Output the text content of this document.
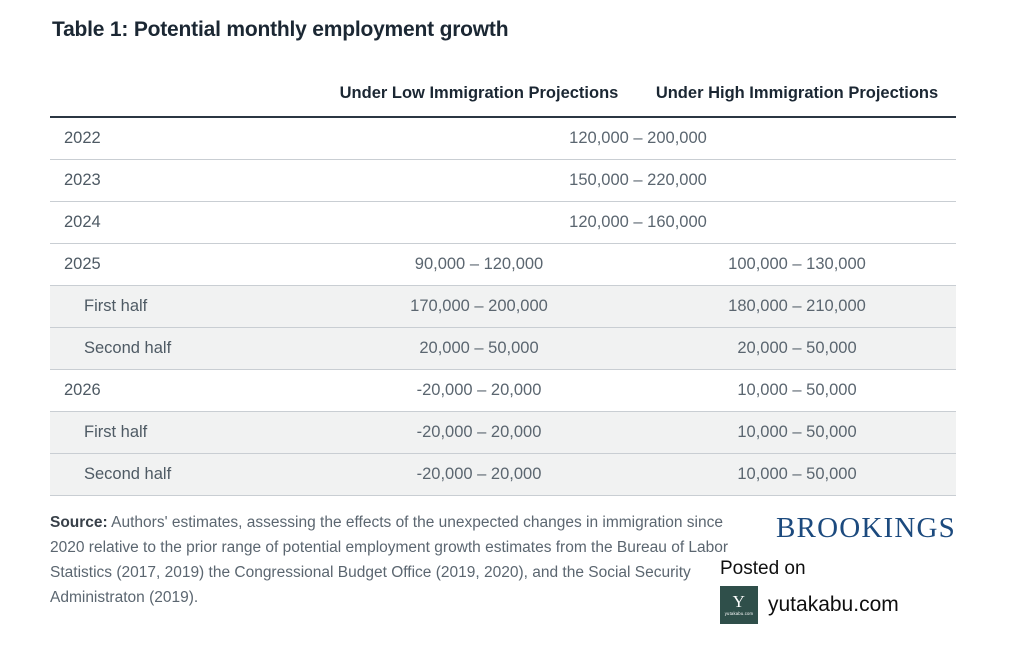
Table 1: Potential monthly employment growth
	Under Low Immigration Projections	Under High Immigration Projections
2022	120,000 – 200,000	
2023	150,000 – 220,000	
2024	120,000 – 160,000	
2025	90,000 – 120,000	100,000 – 130,000
First half	170,000 – 200,000	180,000 – 210,000
Second half	20,000 – 50,000	20,000 – 50,000
2026	-20,000 – 20,000	10,000 – 50,000
First half	-20,000 – 20,000	10,000 – 50,000
Second half	-20,000 – 20,000	10,000 – 50,000
Source: Authors' estimates, assessing the effects of the unexpected changes in immigration since 2020 relative to the prior range of potential employment growth estimates from the Bureau of Labor Statistics (2017, 2019) the Congressional Budget Office (2019, 2020), and the Social Security Administraton (2019).
BROOKINGS
Posted on
Y
yutakabu.com yutakabu.com
